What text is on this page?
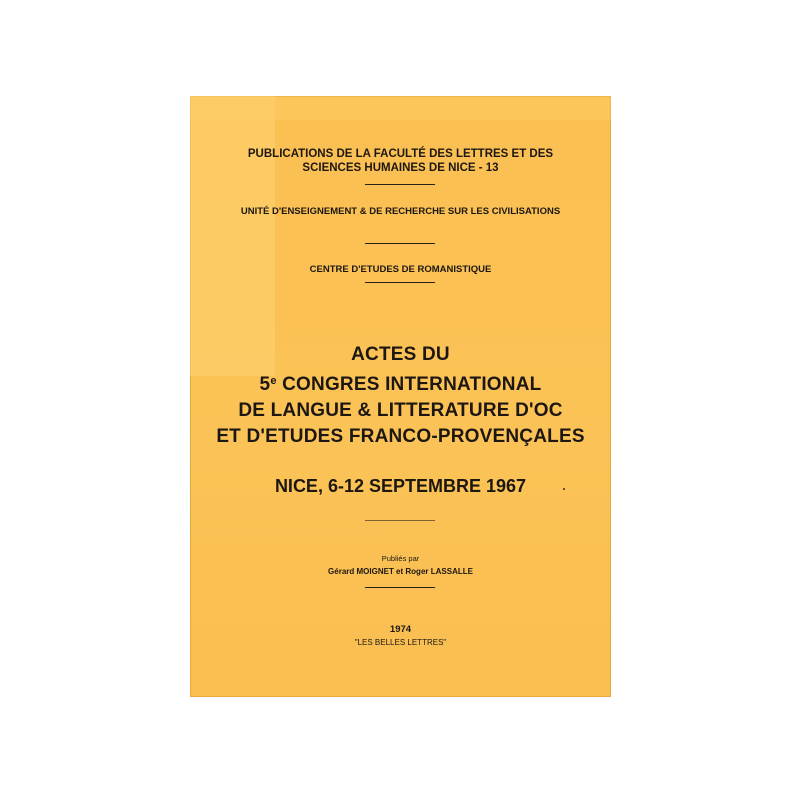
PUBLICATIONS DE LA FACULTÉ DES LETTRES ET DES
SCIENCES HUMAINES DE NICE - 13
UNITÉ D'ENSEIGNEMENT & DE RECHERCHE SUR LES CIVILISATIONS
CENTRE D'ETUDES DE ROMANISTIQUE
ACTES DU
5e CONGRES INTERNATIONAL
DE LANGUE & LITTERATURE D'OC
ET D'ETUDES FRANCO-PROVENÇALES
NICE, 6-12 SEPTEMBRE 1967
Publiés par
Gérard MOIGNET et Roger LASSALLE
1974
"LES BELLES LETTRES"
